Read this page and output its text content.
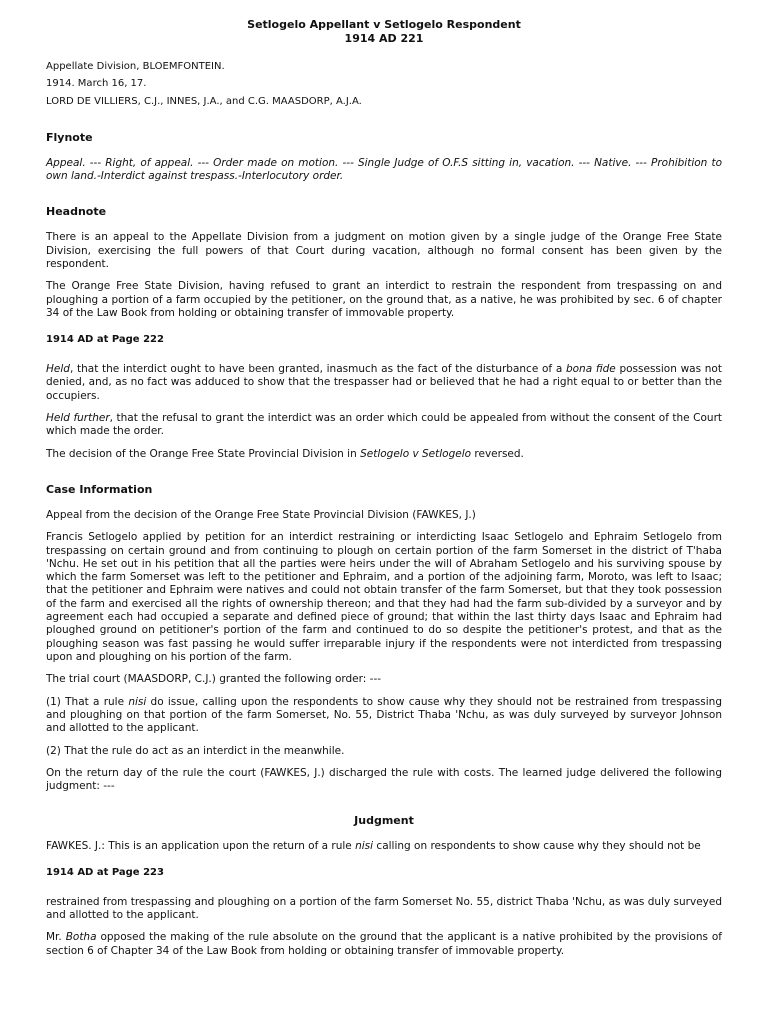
Setlogelo Appellant v Setlogelo Respondent
1914 AD 221

Appellate Division, BLOEMFONTEIN.

1914. March 16, 17.

LORD DE VILLIERS, C.J., INNES, J.A., and C.G. MAASDORP, A.J.A.

Flynote

Appeal. --- Right, of appeal. --- Order made on motion. --- Single Judge of O.F.S sitting in, vacation. --- Native. --- Prohibition to own land.-Interdict against trespass.-Interlocutory order.

Headnote

There is an appeal to the Appellate Division from a judgment on motion given by a single judge of the Orange Free State Division, exercising the full powers of that Court during vacation, although no formal consent has been given by the respondent.

The Orange Free State Division, having refused to grant an interdict to restrain the respondent from trespassing on and ploughing a portion of a farm occupied by the petitioner, on the ground that, as a native, he was prohibited by sec. 6 of chapter 34 of the Law Book from holding or obtaining transfer of immovable property.

1914 AD at Page 222

Held, that the interdict ought to have been granted, inasmuch as the fact of the disturbance of a bona fide possession was not denied, and, as no fact was adduced to show that the trespasser had or believed that he had a right equal to or better than the occupiers.

Held further, that the refusal to grant the interdict was an order which could be appealed from without the consent of the Court which made the order.

The decision of the Orange Free State Provincial Division in Setlogelo v Setlogelo reversed.

Case Information

Appeal from the decision of the Orange Free State Provincial Division (FAWKES, J.)

Francis Setlogelo applied by petition for an interdict restraining or interdicting Isaac Setlogelo and Ephraim Setlogelo from trespassing on certain ground and from continuing to plough on certain portion of the farm Somerset in the district of T'haba 'Nchu. He set out in his petition that all the parties were heirs under the will of Abraham Setlogelo and his surviving spouse by which the farm Somerset was left to the petitioner and Ephraim, and a portion of the adjoining farm, Moroto, was left to Isaac; that the petitioner and Ephraim were natives and could not obtain transfer of the farm Somerset, but that they took possession of the farm and exercised all the rights of ownership thereon; and that they had had the farm sub-divided by a surveyor and by agreement each had occupied a separate and defined piece of ground; that within the last thirty days Isaac and Ephraim had ploughed ground on petitioner's portion of the farm and continued to do so despite the petitioner's protest, and that as the ploughing season was fast passing he would suffer irreparable injury if the respondents were not interdicted from trespassing upon and ploughing on his portion of the farm.

The trial court (MAASDORP, C.J.) granted the following order: ---

(1) That a rule nisi do issue, calling upon the respondents to show cause why they should not be restrained from trespassing and ploughing on that portion of the farm Somerset, No. 55, District Thaba 'Nchu, as was duly surveyed by surveyor Johnson and allotted to the applicant.

(2) That the rule do act as an interdict in the meanwhile.

On the return day of the rule the court (FAWKES, J.) discharged the rule with costs. The learned judge delivered the following judgment: ---

Judgment

FAWKES. J.: This is an application upon the return of a rule nisi calling on respondents to show cause why they should not be

1914 AD at Page 223

restrained from trespassing and ploughing on a portion of the farm Somerset No. 55, district Thaba 'Nchu, as was duly surveyed and allotted to the applicant.

Mr. Botha opposed the making of the rule absolute on the ground that the applicant is a native prohibited by the provisions of section 6 of Chapter 34 of the Law Book from holding or obtaining transfer of immovable property.
